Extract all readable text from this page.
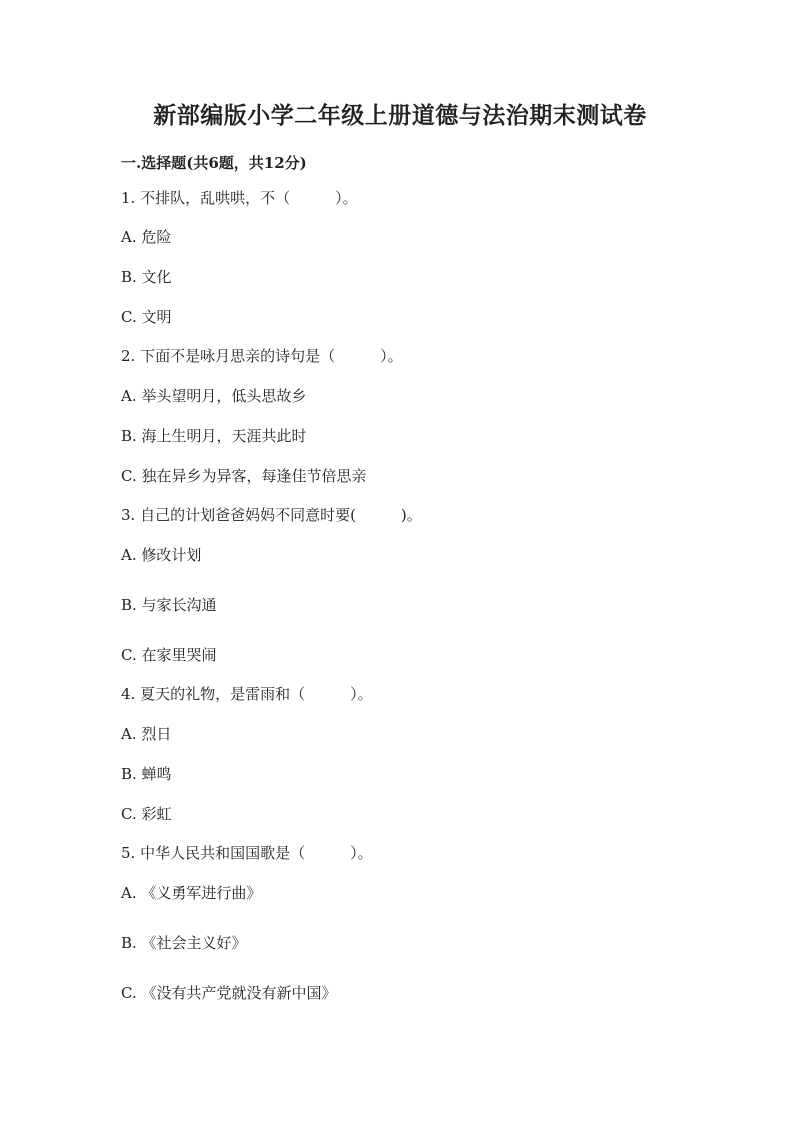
新部编版小学二年级上册道德与法治期末测试卷
一.选择题(共6题，共12分)
1. 不排队，乱哄哄，不（　　　）。
A. 危险
B. 文化
C. 文明
2. 下面不是咏月思亲的诗句是（　　　）。
A. 举头望明月，低头思故乡
B. 海上生明月，天涯共此时
C. 独在异乡为异客，每逢佳节倍思亲
3. 自己的计划爸爸妈妈不同意时要(　　　)。
A. 修改计划
B. 与家长沟通
C. 在家里哭闹
4. 夏天的礼物，是雷雨和（　　　）。
A. 烈日
B. 蝉鸣
C. 彩虹
5. 中华人民共和国国歌是（　　　）。
A. 《义勇军进行曲》
B. 《社会主义好》
C. 《没有共产党就没有新中国》
